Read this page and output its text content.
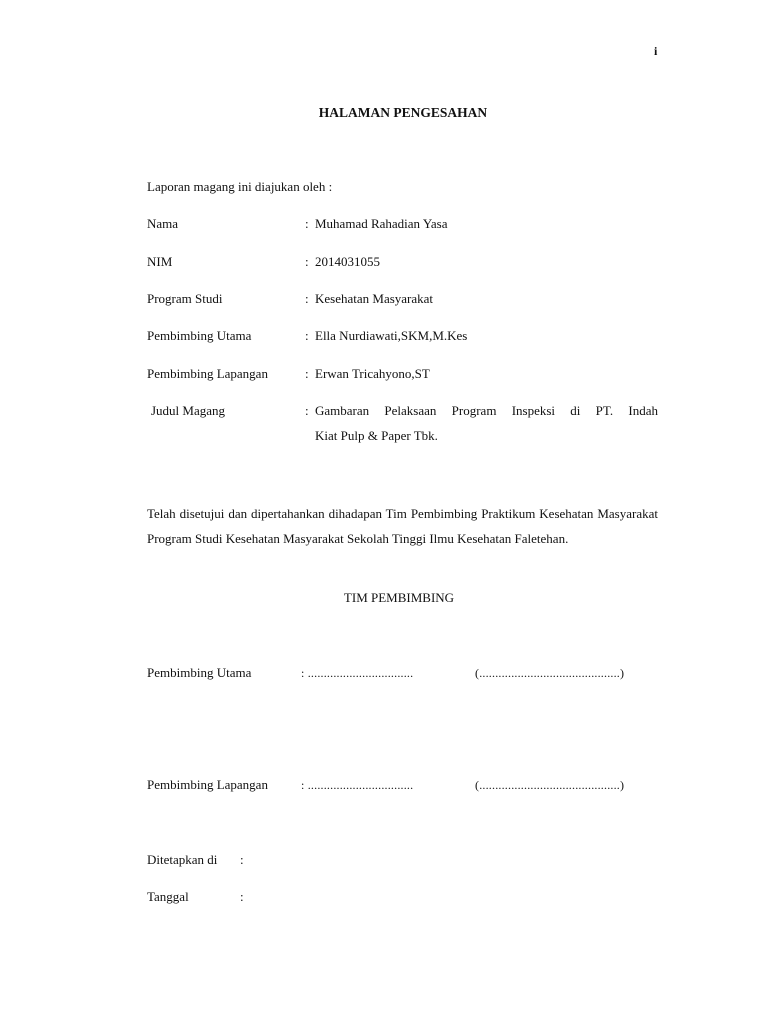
i
HALAMAN PENGESAHAN
Laporan magang ini diajukan oleh :
Nama	: Muhamad Rahadian Yasa
NIM	: 2014031055
Program Studi	: Kesehatan Masyarakat
Pembimbing Utama	: Ella Nurdiawati,SKM,M.Kes
Pembimbing Lapangan	: Erwan Tricahyono,ST
Judul Magang	: Gambaran Pelaksaan Program Inspeksi di PT. Indah
Kiat Pulp & Paper Tbk.
Telah disetujui dan dipertahankan dihadapan Tim Pembimbing Praktikum Kesehatan Masyarakat Program Studi Kesehatan Masyarakat Sekolah Tinggi Ilmu Kesehatan Faletehan.
TIM PEMBIMBING
Pembimbing Utama	: .................................	(............................................)
Pembimbing Lapangan	: .................................	(............................................)
Ditetapkan di :
Tanggal	:
